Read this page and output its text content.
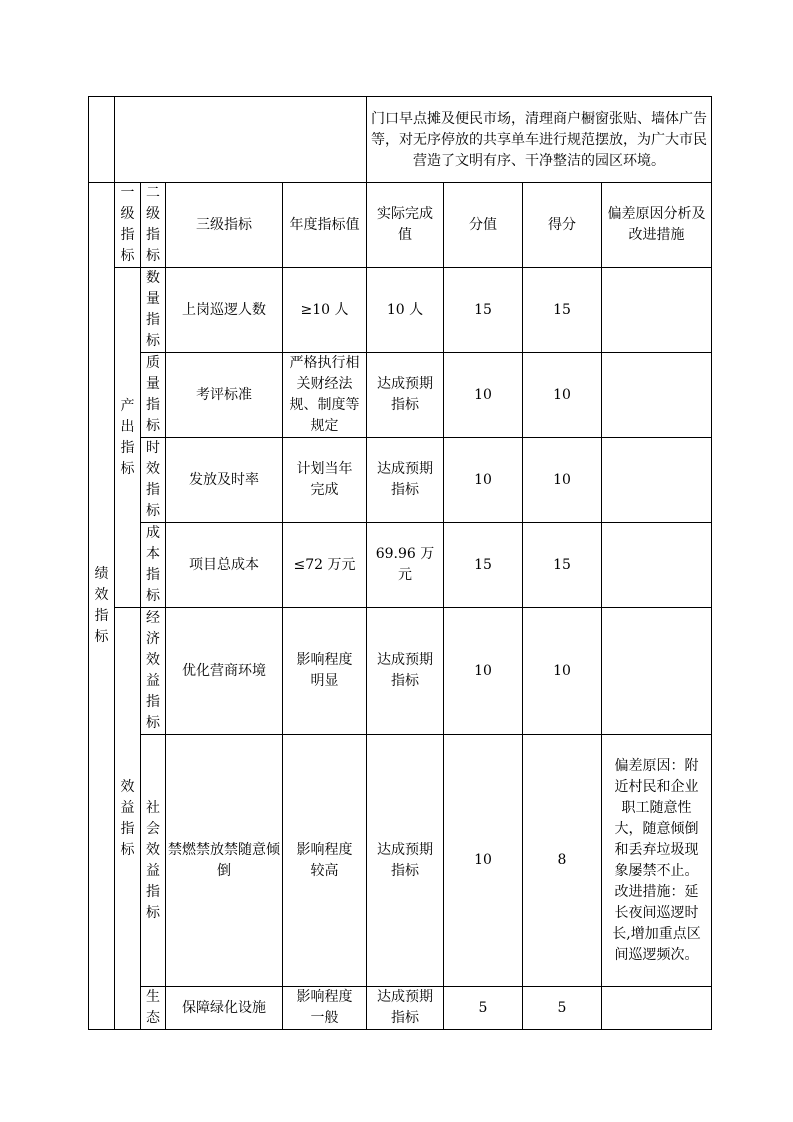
					门口早点摊及便民市场，清理商户橱窗张贴、墙体广告等，对无序停放的共享单车进行规范摆放，为广大市民营造了文明有序、干净整洁的园区环境。			

绩效指标	一级指标	二级指标	三级指标	年度指标值	实际完成值	分值	得分	偏差原因分析及改进措施

	产出指标	数量指标	上岗巡逻人数	≥10 人	10 人	15	15	
		质量指标	考评标准	严格执行相关财经法规、制度等规定	达成预期指标	10	10	
		时效指标	发放及时率	计划当年完成	达成预期指标	10	10	
		成本指标	项目总成本	≤72 万元	69.96 万元	15	15	
	效益指标	经济效益指标	优化营商环境	影响程度明显	达成预期指标	10	10	
		社会效益指标	禁燃禁放禁随意倾倒	影响程度较高	达成预期指标	10	8	偏差原因：附近村民和企业职工随意性大，随意倾倒和丢弃垃圾现象屡禁不止。改进措施：延长夜间巡逻时长,增加重点区间巡逻频次。

		生态	保障绿化设施	影响程度一般	达成预期指标	5	5	
